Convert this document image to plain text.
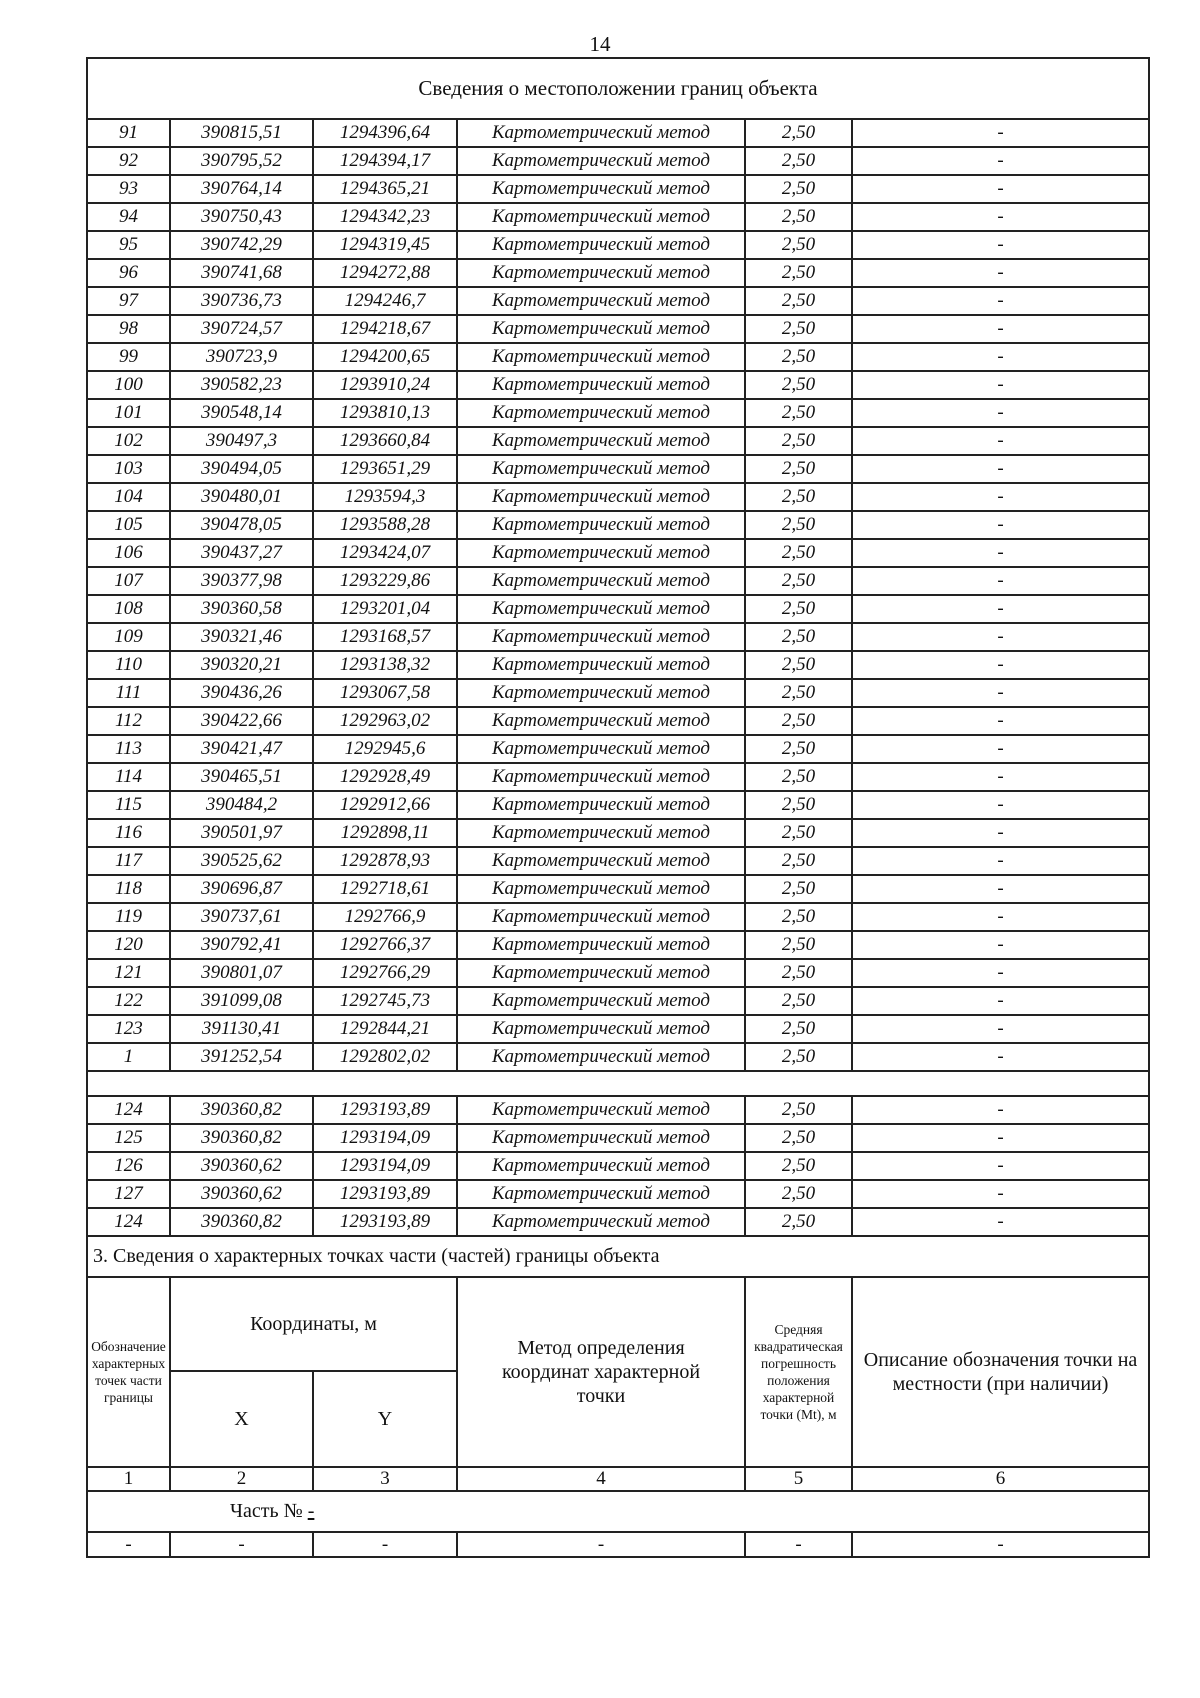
14
Сведения о местоположении границ объекта					
91	390815,51	1294396,64	Картометрический метод	2,50	-
92	390795,52	1294394,17	Картометрический метод	2,50	-
93	390764,14	1294365,21	Картометрический метод	2,50	-
94	390750,43	1294342,23	Картометрический метод	2,50	-
95	390742,29	1294319,45	Картометрический метод	2,50	-
96	390741,68	1294272,88	Картометрический метод	2,50	-
97	390736,73	1294246,7	Картометрический метод	2,50	-
98	390724,57	1294218,67	Картометрический метод	2,50	-
99	390723,9	1294200,65	Картометрический метод	2,50	-
100	390582,23	1293910,24	Картометрический метод	2,50	-
101	390548,14	1293810,13	Картометрический метод	2,50	-
102	390497,3	1293660,84	Картометрический метод	2,50	-
103	390494,05	1293651,29	Картометрический метод	2,50	-
104	390480,01	1293594,3	Картометрический метод	2,50	-
105	390478,05	1293588,28	Картометрический метод	2,50	-
106	390437,27	1293424,07	Картометрический метод	2,50	-
107	390377,98	1293229,86	Картометрический метод	2,50	-
108	390360,58	1293201,04	Картометрический метод	2,50	-
109	390321,46	1293168,57	Картометрический метод	2,50	-
110	390320,21	1293138,32	Картометрический метод	2,50	-
111	390436,26	1293067,58	Картометрический метод	2,50	-
112	390422,66	1292963,02	Картометрический метод	2,50	-
113	390421,47	1292945,6	Картометрический метод	2,50	-
114	390465,51	1292928,49	Картометрический метод	2,50	-
115	390484,2	1292912,66	Картометрический метод	2,50	-
116	390501,97	1292898,11	Картометрический метод	2,50	-
117	390525,62	1292878,93	Картометрический метод	2,50	-
118	390696,87	1292718,61	Картометрический метод	2,50	-
119	390737,61	1292766,9	Картометрический метод	2,50	-
120	390792,41	1292766,37	Картометрический метод	2,50	-
121	390801,07	1292766,29	Картометрический метод	2,50	-
122	391099,08	1292745,73	Картометрический метод	2,50	-
123	391130,41	1292844,21	Картометрический метод	2,50	-
1	391252,54	1292802,02	Картометрический метод	2,50	-

124	390360,82	1293193,89	Картометрический метод	2,50	-
125	390360,82	1293194,09	Картометрический метод	2,50	-
126	390360,62	1293194,09	Картометрический метод	2,50	-
127	390360,62	1293193,89	Картометрический метод	2,50	-
124	390360,82	1293193,89	Картометрический метод	2,50	-
3. Сведения о характерных точках части (частей) границы объекта					
Обозначение характерных точек части границы	Координаты, м		Метод определения координат характерной точки	Средняя квадратическая погрешность положения характерной точки (Mt), м	Описание обозначения точки на местности (при наличии)
	X	Y			
1	2	3	4	5	6
Часть № -					
-	-	-	-	-	-
